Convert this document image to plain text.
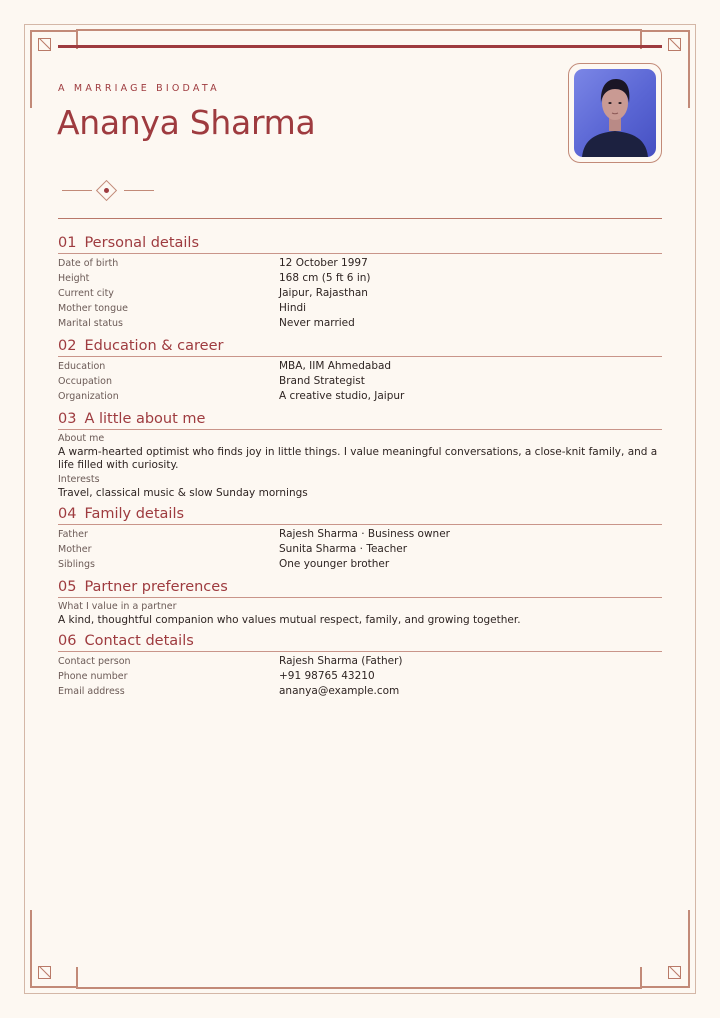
A MARRIAGE BIODATA
Ananya Sharma
01 Personal details
Date of birth	12 October 1997
Height	168 cm (5 ft 6 in)
Current city	Jaipur, Rajasthan
Mother tongue	Hindi
Marital status	Never married
02 Education & career
Education	MBA, IIM Ahmedabad
Occupation	Brand Strategist
Organization	A creative studio, Jaipur
03 A little about me
About me
A warm-hearted optimist who finds joy in little things. I value meaningful conversations, a close-knit family, and a life filled with curiosity.
Interests
Travel, classical music & slow Sunday mornings
04 Family details
Father	Rajesh Sharma · Business owner
Mother	Sunita Sharma · Teacher
Siblings	One younger brother
05 Partner preferences
What I value in a partner
A kind, thoughtful companion who values mutual respect, family, and growing together.
06 Contact details
Contact person	Rajesh Sharma (Father)
Phone number	+91 98765 43210
Email address	ananya@example.com
